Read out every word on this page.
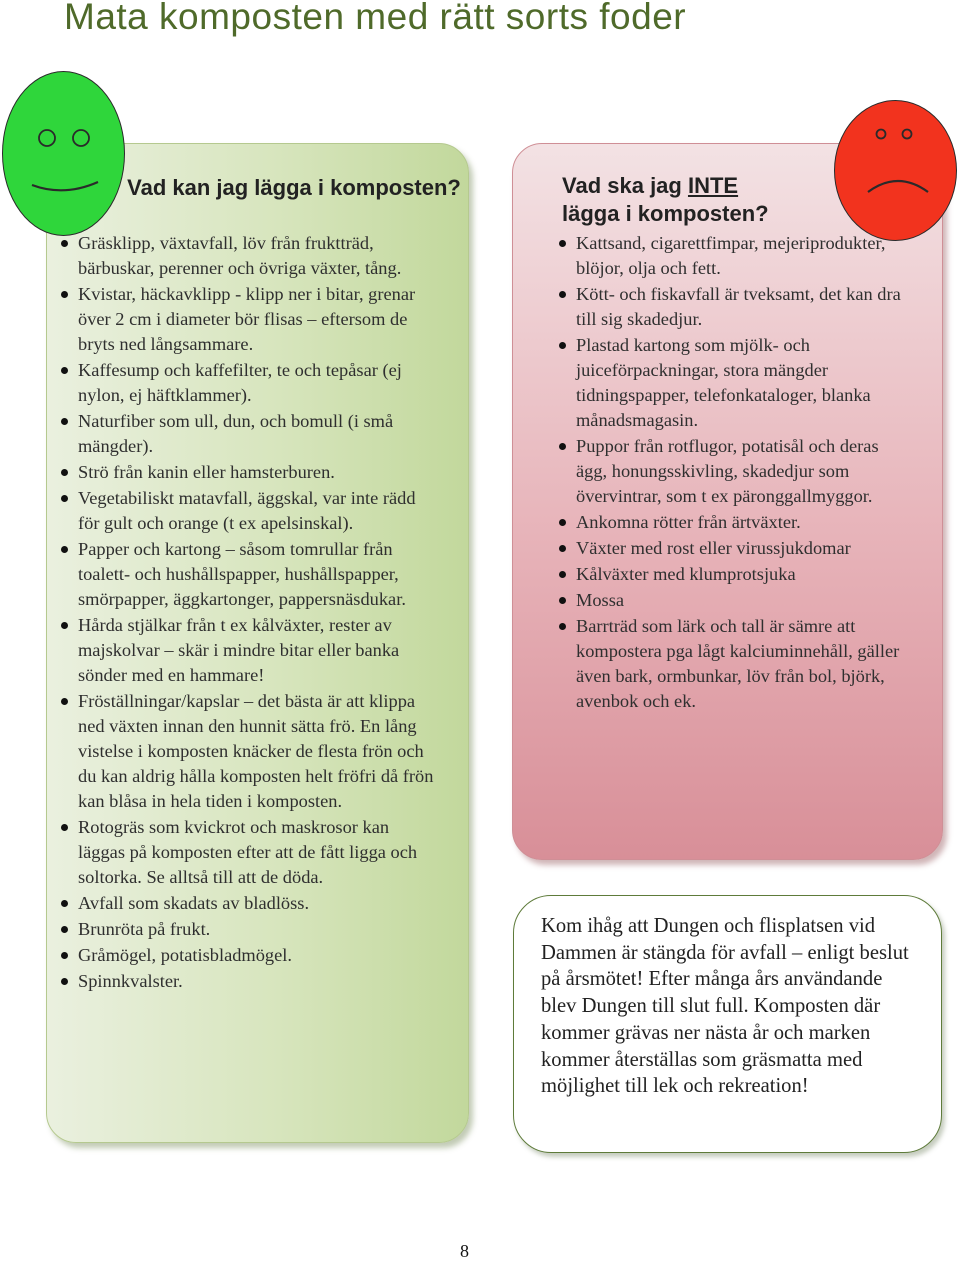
Mata komposten med rätt sorts foder
Vad kan jag lägga i komposten?
Gräsklipp, växtavfall, löv från fruktträd, bärbuskar, perenner och övriga växter, tång.
Kvistar, häckavklipp - klipp ner i bitar, grenar över 2 cm i diameter bör flisas – eftersom de bryts ned långsammare.
Kaffesump och kaffefilter, te och tepåsar (ej nylon, ej häftklammer).
Naturfiber som ull, dun, och bomull (i små mängder).
Strö från kanin eller hamsterburen.
Vegetabiliskt matavfall, äggskal, var inte rädd för gult och orange (t ex apelsinskal).
Papper och kartong – såsom tomrullar från toalett- och hushållspapper, hushållspapper, smörpapper, äggkartonger, pappersnäsdukar.
Hårda stjälkar från t ex kålväxter, rester av majskolvar – skär i mindre bitar eller banka sönder med en hammare!
Fröställningar/kapslar – det bästa är att klippa ned växten innan den hunnit sätta frö. En lång vistelse i komposten knäcker de flesta frön och du kan aldrig hålla komposten helt fröfri då frön kan blåsa in hela tiden i komposten.
Rotogräs som kvickrot och maskrosor kan läggas på komposten efter att de fått ligga och soltorka. Se alltså till att de döda.
Avfall som skadats av bladlöss.
Brunröta på frukt.
Gråmögel, potatisbladmögel.
Spinnkvalster.
Vad ska jag INTE
lägga i komposten?
Kattsand, cigarettfimpar, mejeriprodukter, blöjor, olja och fett.
Kött- och fiskavfall är tveksamt, det kan dra till sig skadedjur.
Plastad kartong som mjölk- och juiceförpackningar, stora mängder tidningspapper, telefonkataloger, blanka månadsmagasin.
Puppor från rotflugor, potatisål och deras ägg, honungsskivling, skadedjur som övervintrar, som t ex päronggallmyggor.
Ankomna rötter från ärtväxter.
Växter med rost eller virussjukdomar
Kålväxter med klumprotsjuka
Mossa
Barrträd som lärk och tall är sämre att kompostera pga lågt kalciuminnehåll, gäller även bark, ormbunkar, löv från bol, björk, avenbok och ek.

Kom ihåg att Dungen och flisplatsen vid Dammen är stängda för avfall – enligt beslut på årsmötet! Efter många års användande blev Dungen till slut full. Komposten där kommer grävas ner nästa år och marken kommer återställas som gräsmatta med möjlighet till lek och rekreation!

8
